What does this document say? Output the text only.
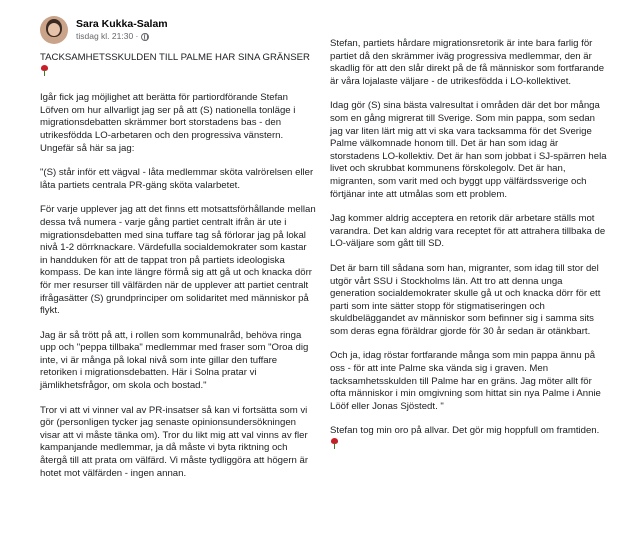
Sara Kukka-Salam
tisdag kl. 21:30 ·
TACKSAMHETSSKULDEN TILL PALME HAR SINA GRÄNSER

Igår fick jag möjlighet att berätta för partiordförande Stefan Löfven om hur allvarligt jag ser på att (S) nationella tonläge i migrationsdebatten skrämmer bort storstadens bas - den utrikesfödda LO-arbetaren och den progressiva vänstern. Ungefär så här sa jag:

"(S) står inför ett vägval - låta medlemmar sköta valrörelsen eller låta partiets centrala PR-gäng sköta valarbetet.

För varje upplever jag att det finns ett motsattsförhållande mellan dessa två numera - varje gång partiet centralt ifrån är ute i migrationsdebatten med sina tuffare tag så förlorar jag på lokal nivå 1-2 dörrknackare. Värdefulla socialdemokrater som kastar in handduken för att de tappat tron på partiets ideologiska kompass. De kan inte längre förmå sig att gå ut och knacka dörr för mer resurser till välfärden när de upplever att partiet centralt ifrågasätter (S) grundprinciper om solidaritet med människor på flykt.

Jag är så trött på att, i rollen som kommunalråd, behöva ringa upp och "peppa tillbaka" medlemmar med fraser som "Oroa dig inte, vi är många på lokal nivå som inte gillar den tuffare retoriken i migrationsdebatten. Här i Solna pratar vi jämlikhetsfrågor, om skola och bostad."

Tror vi att vi vinner val av PR-insatser så kan vi fortsätta som vi gör (personligen tycker jag senaste opinionsundersökningen visar att vi måste tänka om). Tror du likt mig att val vinns av fler kampanjande medlemmar, ja då måste vi byta riktning och återgå till att prata om välfärd. Vi måste tydliggöra att högern är hotet mot välfärden - ingen annan.

Stefan, partiets hårdare migrationsretorik är inte bara farlig för partiet då den skrämmer iväg progressiva medlemmar, den är skadlig för att den slår direkt på de få människor som fortfarande är våra lojalaste väljare - de utrikesfödda i LO-kollektivet.

Idag gör (S) sina bästa valresultat i områden där det bor många som en gång migrerat till Sverige. Som min pappa, som sedan jag var liten lärt mig att vi ska vara tacksamma för det Sverige Palme välkomnade honom till. Det är han som idag är storstadens LO-kollektiv. Det är han som jobbat i SJ-spärren hela livet och skrubbat kommunens förskolegolv. Det är han, migranten, som varit med och byggt upp välfärdssverige och förtjänar inte att utmålas som ett problem.

Jag kommer aldrig acceptera en retorik där arbetare ställs mot varandra. Det kan aldrig vara receptet för att attrahera tillbaka de LO-väljare som gått till SD.

Det är barn till sådana som han, migranter, som idag till stor del utgör vårt SSU i Stockholms län. Att tro att denna unga generation socialdemokrater skulle gå ut och knacka dörr för ett parti som inte sätter stopp för stigmatiseringen och skuldbeläggandet av människor som befinner sig i samma sits som deras egna föräldrar gjorde för 30 år sedan är otänkbart.

Och ja, idag röstar fortfarande många som min pappa ännu på oss - för att inte Palme ska vända sig i graven. Men tacksamhetsskulden till Palme har en gräns. Jag möter allt för ofta människor i min omgivning som hittat sin nya Palme i Annie Lööf eller Jonas Sjöstedt. "

Stefan tog min oro på allvar. Det gör mig hoppfull om framtiden.
